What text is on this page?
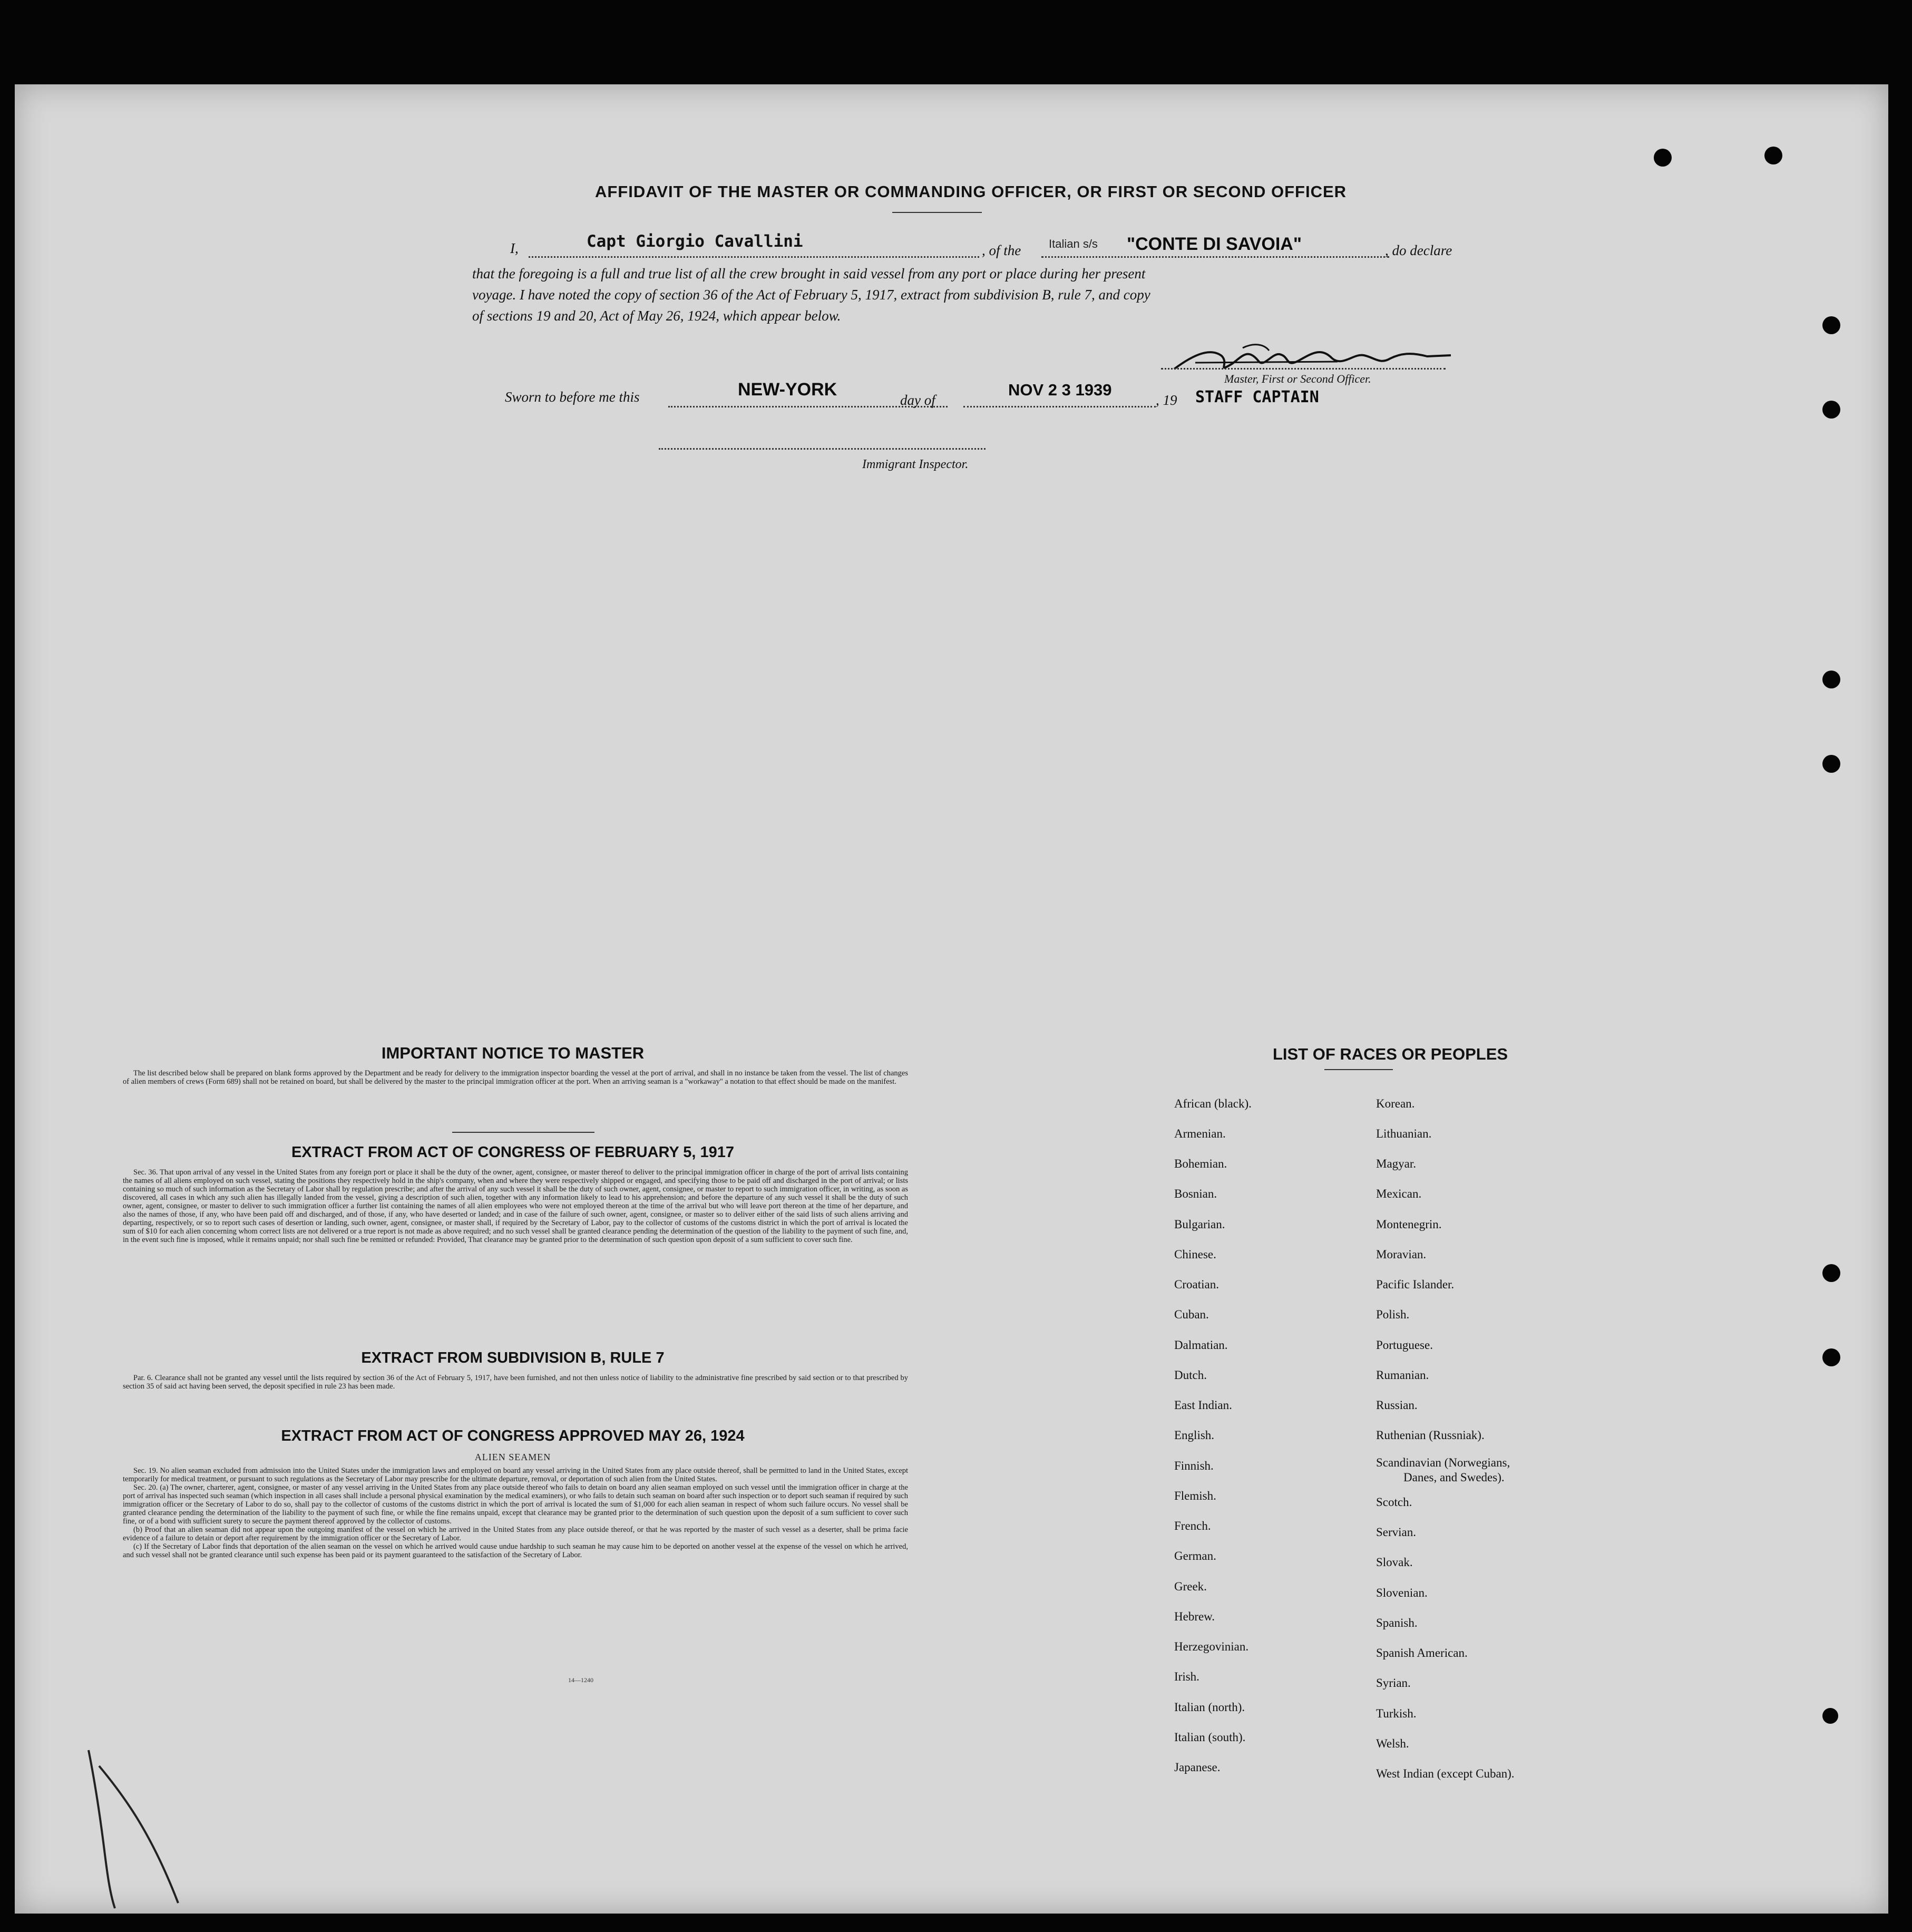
AFFIDAVIT OF THE MASTER OR COMMANDING OFFICER, OR FIRST OR SECOND OFFICER
I,	Capt Giorgio Cavallini	, of the Italian s/s "CONTE DI SAVOIA"	, do declare
that the foregoing is a full and true list of all the crew brought in said vessel from any port or place during her present
voyage. I have noted the copy of section 36 of the Act of February 5, 1917, extract from subdivision B, rule 7, and copy
of sections 19 and 20, Act of May 26, 1924, which appear below.
Master, First or Second Officer.
Sworn to before me this	NEW-YORK
day of
NOV 2 3 1939
, 19 STAFF CAPTAIN
Immigrant Inspector.
IMPORTANT NOTICE TO MASTER

The list described below shall be prepared on blank forms approved by the Department and be ready for delivery to the immigration inspector boarding the vessel at the port of arrival, and shall in no instance be taken from the vessel. The list of changes of alien members of crews (Form 689) shall not be retained on board, but shall be delivered by the master to the principal immigration officer at the port. When an arriving seaman is a "workaway" a notation to that effect should be made on the manifest.

EXTRACT FROM ACT OF CONGRESS OF FEBRUARY 5, 1917

Sec. 36. That upon arrival of any vessel in the United States from any foreign port or place it shall be the duty of the owner, agent, consignee, or master thereof to deliver to the principal immigration officer in charge of the port of arrival lists containing the names of all aliens employed on such vessel, stating the positions they respectively hold in the ship's company, when and where they were respectively shipped or engaged, and specifying those to be paid off and discharged in the port of arrival; or lists containing so much of such information as the Secretary of Labor shall by regulation prescribe; and after the arrival of any such vessel it shall be the duty of such owner, agent, consignee, or master to report to such immigration officer, in writing, as soon as discovered, all cases in which any such alien has illegally landed from the vessel, giving a description of such alien, together with any information likely to lead to his apprehension; and before the departure of any such vessel it shall be the duty of such owner, agent, consignee, or master to deliver to such immigration officer a further list containing the names of all alien employees who were not employed thereon at the time of the arrival but who will leave port thereon at the time of her departure, and also the names of those, if any, who have been paid off and discharged, and of those, if any, who have deserted or landed; and in case of the failure of such owner, agent, consignee, or master so to deliver either of the said lists of such aliens arriving and departing, respectively, or so to report such cases of desertion or landing, such owner, agent, consignee, or master shall, if required by the Secretary of Labor, pay to the collector of customs of the customs district in which the port of arrival is located the sum of $10 for each alien concerning whom correct lists are not delivered or a true report is not made as above required; and no such vessel shall be granted clearance pending the determination of the question of the liability to the payment of such fine, and, in the event such fine is imposed, while it remains unpaid; nor shall such fine be remitted or refunded: Provided, That clearance may be granted prior to the determination of such question upon deposit of a sum sufficient to cover such fine.

EXTRACT FROM SUBDIVISION B, RULE 7

Par. 6. Clearance shall not be granted any vessel until the lists required by section 36 of the Act of February 5, 1917, have been furnished, and not then unless notice of liability to the administrative fine prescribed by said section or to that prescribed by section 35 of said act having been served, the deposit specified in rule 23 has been made.

EXTRACT FROM ACT OF CONGRESS APPROVED MAY 26, 1924
ALIEN SEAMEN

Sec. 19. No alien seaman excluded from admission into the United States under the immigration laws and employed on board any vessel arriving in the United States from any place outside thereof, shall be permitted to land in the United States, except temporarily for medical treatment, or pursuant to such regulations as the Secretary of Labor may prescribe for the ultimate departure, removal, or deportation of such alien from the United States.

Sec. 20. (a) The owner, charterer, agent, consignee, or master of any vessel arriving in the United States from any place outside thereof who fails to detain on board any alien seaman employed on such vessel until the immigration officer in charge at the port of arrival has inspected such seaman (which inspection in all cases shall include a personal physical examination by the medical examiners), or who fails to detain such seaman on board after such inspection or to deport such seaman if required by such immigration officer or the Secretary of Labor to do so, shall pay to the collector of customs of the customs district in which the port of arrival is located the sum of $1,000 for each alien seaman in respect of whom such failure occurs. No vessel shall be granted clearance pending the determination of the liability to the payment of such fine, or while the fine remains unpaid, except that clearance may be granted prior to the determination of such question upon the deposit of a sum sufficient to cover such fine, or of a bond with sufficient surety to secure the payment thereof approved by the collector of customs.

(b) Proof that an alien seaman did not appear upon the outgoing manifest of the vessel on which he arrived in the United States from any place outside thereof, or that he was reported by the master of such vessel as a deserter, shall be prima facie evidence of a failure to detain or deport after requirement by the immigration officer or the Secretary of Labor.

(c) If the Secretary of Labor finds that deportation of the alien seaman on the vessel on which he arrived would cause undue hardship to such seaman he may cause him to be deported on another vessel at the expense of the vessel on which he arrived, and such vessel shall not be granted clearance until such expense has been paid or its payment guaranteed to the satisfaction of the Secretary of Labor.

14—1240
LIST OF RACES OR PEOPLES
African (black).
Armenian.
Bohemian.
Bosnian.
Bulgarian.
Chinese.
Croatian.
Cuban.
Dalmatian.
Dutch.
East Indian.
English.
Finnish.
Flemish.
French.
German.
Greek.
Hebrew.
Herzegovinian.
Irish.
Italian (north).
Italian (south).
Japanese.
Korean.
Lithuanian.
Magyar.
Mexican.
Montenegrin.
Moravian.
Pacific Islander.
Polish.
Portuguese.
Rumanian.
Russian.
Ruthenian (Russniak).
Scandinavian (Norwegians,
Danes, and Swedes).
Scotch.
Servian.
Slovak.
Slovenian.
Spanish.
Spanish American.
Syrian.
Turkish.
Welsh.
West Indian (except Cuban).
